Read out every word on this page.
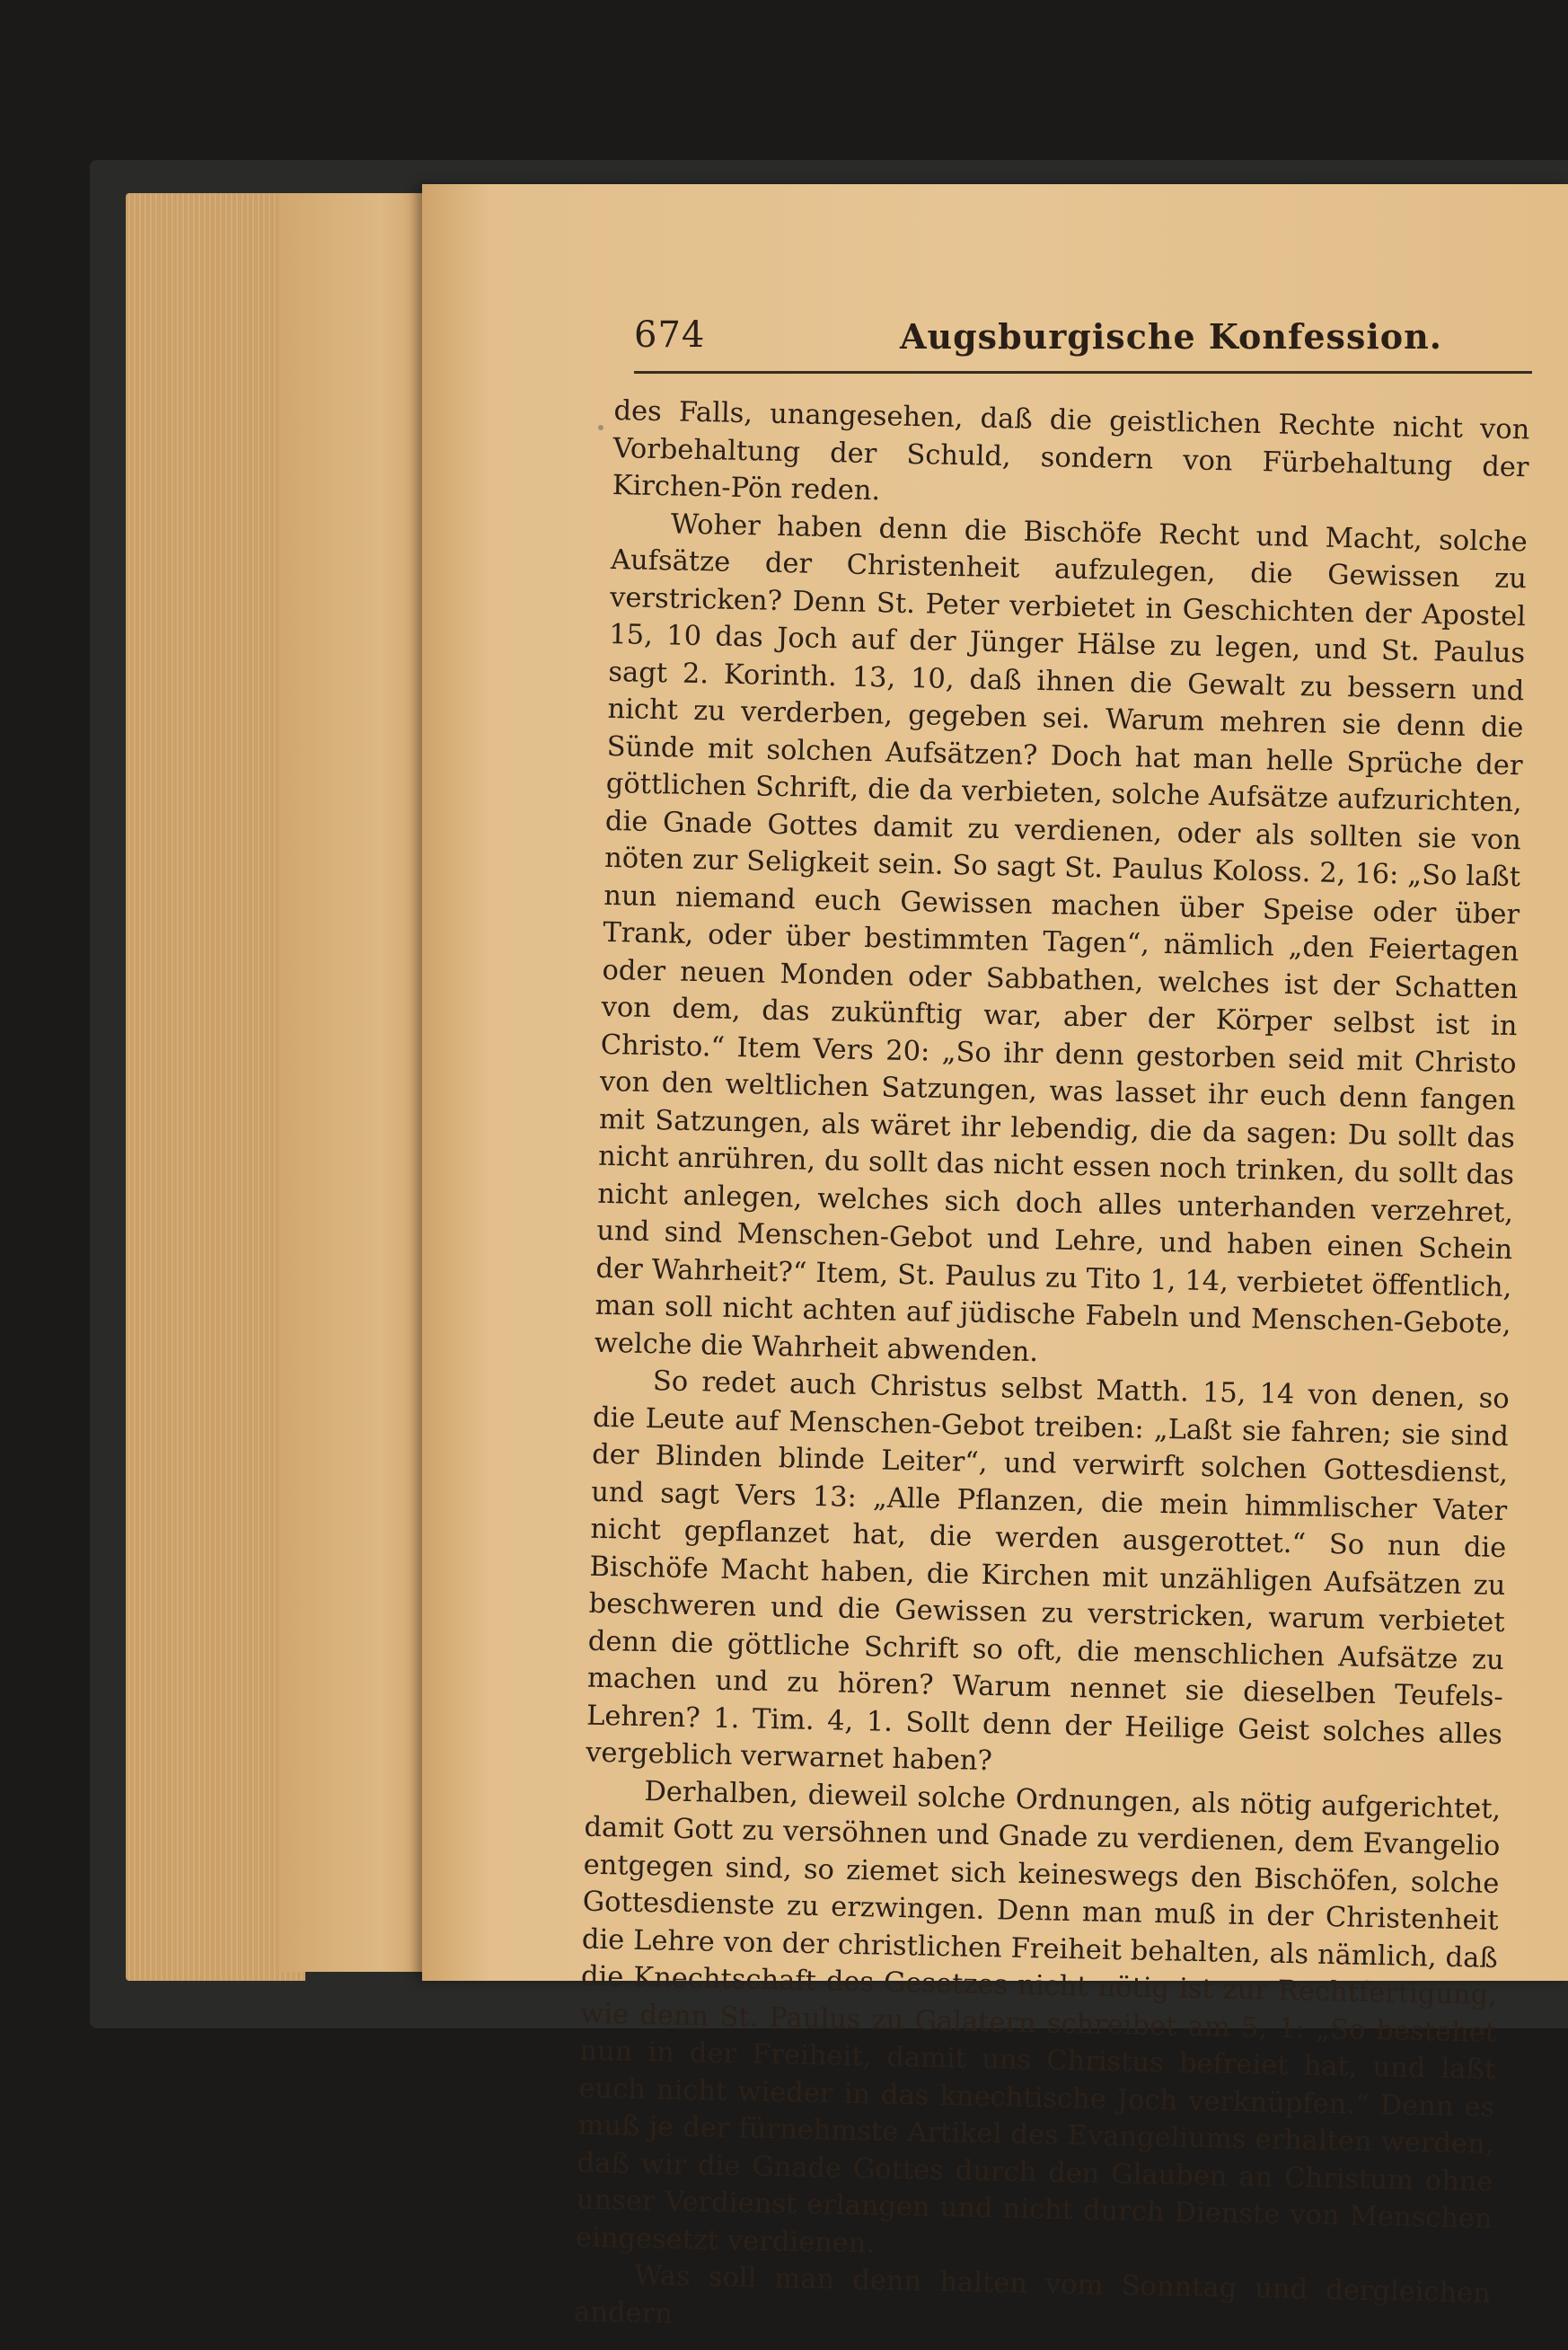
674	Augsburgische Konfession.

des Falls, unangesehen, daß die geistlichen Rechte nicht von Vorbehaltung der Schuld, sondern von Fürbehaltung der Kirchen-Pön reden.

Woher haben denn die Bischöfe Recht und Macht, solche Aufsätze der Christenheit aufzulegen, die Gewissen zu verstricken? Denn St. Peter verbietet in Geschichten der Apostel 15, 10 das Joch auf der Jünger Hälse zu legen, und St. Paulus sagt 2. Korinth. 13, 10, daß ihnen die Gewalt zu bessern und nicht zu verderben, gegeben sei. Warum mehren sie denn die Sünde mit solchen Aufsätzen? Doch hat man helle Sprüche der göttlichen Schrift, die da verbieten, solche Aufsätze aufzurichten, die Gnade Gottes damit zu verdienen, oder als sollten sie von nöten zur Seligkeit sein. So sagt St. Paulus Koloss. 2, 16: „So laßt nun niemand euch Gewissen machen über Speise oder über Trank, oder über bestimmten Tagen“, nämlich „den Feiertagen oder neuen Monden oder Sabbathen, welches ist der Schatten von dem, das zukünftig war, aber der Körper selbst ist in Christo.“ Item Vers 20: „So ihr denn gestorben seid mit Christo von den weltlichen Satzungen, was lasset ihr euch denn fangen mit Satzungen, als wäret ihr lebendig, die da sagen: Du sollt das nicht anrühren, du sollt das nicht essen noch trinken, du sollt das nicht anlegen, welches sich doch alles unterhanden verzehret, und sind Menschen-Gebot und Lehre, und haben einen Schein der Wahrheit?“ Item, St. Paulus zu Tito 1, 14, verbietet öffentlich, man soll nicht achten auf jüdische Fabeln und Menschen-Gebote, welche die Wahrheit abwenden.

So redet auch Christus selbst Matth. 15, 14 von denen, so die Leute auf Menschen-Gebot treiben: „Laßt sie fahren; sie sind der Blinden blinde Leiter“, und verwirft solchen Gottesdienst, und sagt Vers 13: „Alle Pflanzen, die mein himmlischer Vater nicht gepflanzet hat, die werden ausgerottet.“ So nun die Bischöfe Macht haben, die Kirchen mit unzähligen Aufsätzen zu beschweren und die Gewissen zu verstricken, warum verbietet denn die göttliche Schrift so oft, die menschlichen Aufsätze zu machen und zu hören? Warum nennet sie dieselben Teufels-Lehren? 1. Tim. 4, 1. Sollt denn der Heilige Geist solches alles vergeblich verwarnet haben?

Derhalben, dieweil solche Ordnungen, als nötig aufgerichtet, damit Gott zu versöhnen und Gnade zu verdienen, dem Evangelio entgegen sind, so ziemet sich keineswegs den Bischöfen, solche Gottesdienste zu erzwingen. Denn man muß in der Christenheit die Lehre von der christlichen Freiheit behalten, als nämlich, daß die Knechtschaft des Gesetzes nicht nötig ist zur Rechtfertigung, wie denn St. Paulus zu Galatern schreibet am 5, 1: „So bestehet nun in der Freiheit, damit uns Christus befreiet hat, und laßt euch nicht wieder in das knechtische Joch verknüpfen.“ Denn es muß je der fürnehmste Artikel des Evangeliums erhalten werden, daß wir die Gnade Gottes durch den Glauben an Christum ohne unser Verdienst erlangen und nicht durch Dienste von Menschen eingesetzt verdienen.

Was soll man denn halten vom Sonntag und dergleichen andern
